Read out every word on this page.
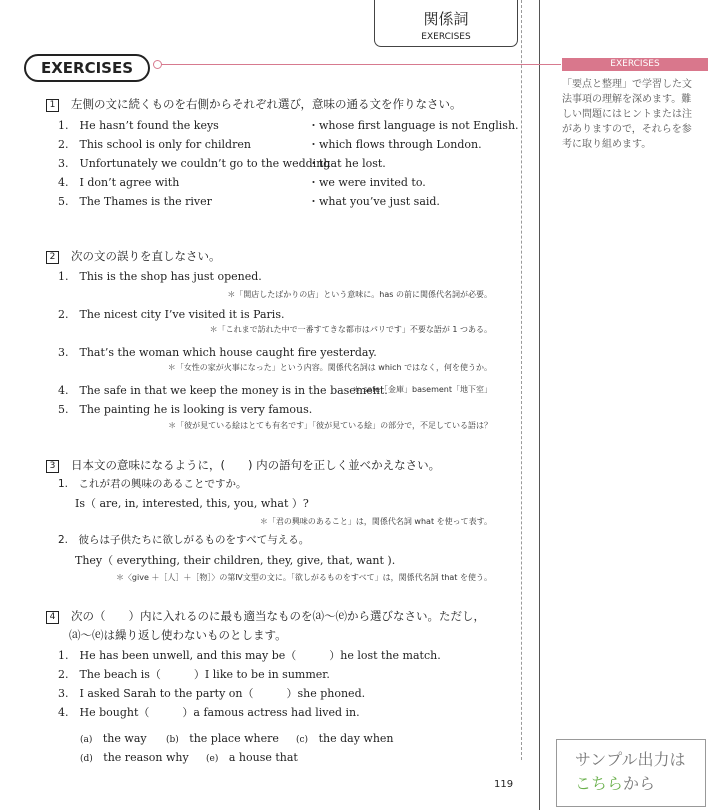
関係詞
EXERCISES
EXERCISES	EXERCISES
「要点と整理」で学習した文
法事項の理解を深めます。難
しい問題にはヒントまたは注
がありますので，それらを参
考に取り組めます。
1 左側の文に続くものを右側からそれぞれ選び，意味の通る文を作りなさい。
1.　He hasn’t found the keys
2.　This school is only for children
3.　Unfortunately we couldn’t go to the wedding
4.　I don’t agree with
5.　The Thames is the river
・whose first language is not English.
・which flows through London.
・that he lost.
・we were invited to.
・what you’ve just said.
2 次の文の誤りを直しなさい。
1.　This is the shop has just opened.
＊「開店したばかりの店」という意味に。has の前に関係代名詞が必要。
2.　The nicest city I’ve visited it is Paris.
＊「これまで訪れた中で一番すてきな都市はパリです」不要な語が 1 つある。
3.　That’s the woman which house caught fire yesterday.
＊「女性の家が火事になった」という内容。関係代名詞は which ではなく，何を使うか。
4.　The safe in that we keep the money is in the basement.
＊ safe「金庫」basement「地下室」
5.　The painting he is looking is very famous.
＊「彼が見ている絵はとても有名です」「彼が見ている絵」の部分で，不足している語は？
3 日本文の意味になるように，(　　) 内の語句を正しく並べかえなさい。
1.　これが君の興味のあることですか。
Is（ are, in, interested, this, you, what ）?
＊「君の興味のあること」は，関係代名詞 what を使って表す。
2.　彼らは子供たちに欲しがるものをすべて与える。
They（ everything, their children, they, give, that, want ).
＊〈give ＋［人］＋［物］〉の第Ⅳ文型の文に。「欲しがるものをすべて」は，関係代名詞 that を使う。
4 次の（　　）内に入れるのに最も適当なものを⒜〜⒠から選びなさい。ただし，
⒜〜⒠は繰り返し使わないものとします。
1.　He has been unwell, and this may be（　　　）he lost the match.
2.　The beach is（　　　）I like to be in summer.
3.　I asked Sarah to the party on（　　　）she phoned.
4.　He bought（　　　）a famous actress had lived in.
(a) the way (b) the place where (c) the day when
(d) the reason why (e) a house that
119
サンプル出力は
こちらから
